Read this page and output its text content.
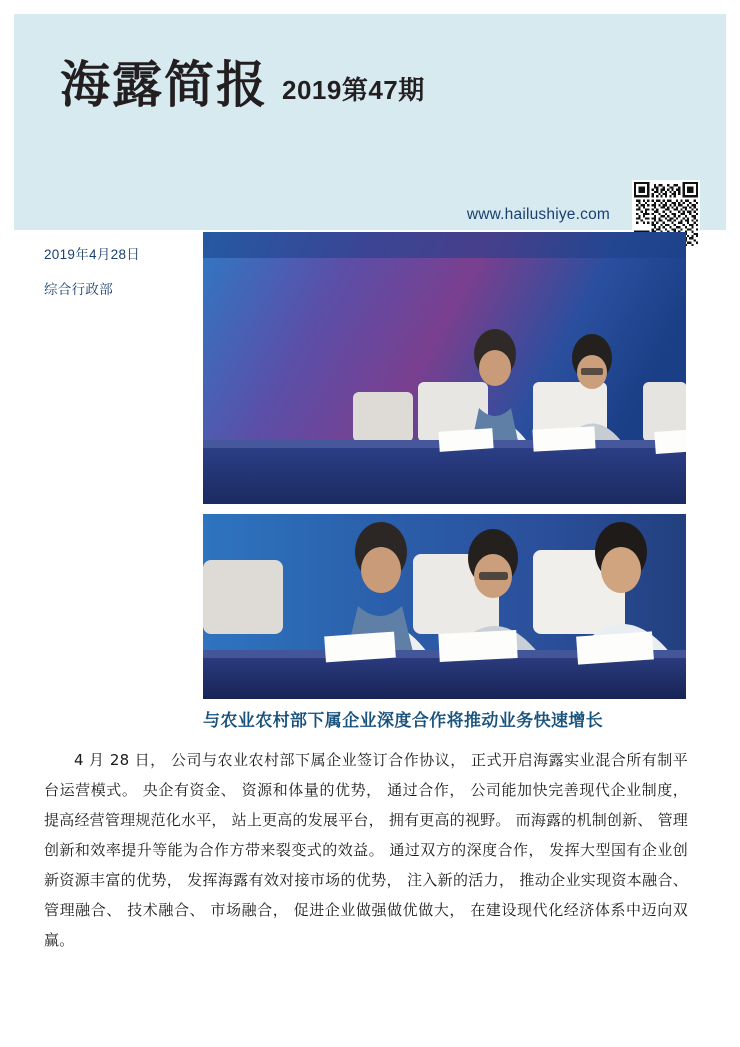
海露简报 2019第47期
www.hailushiye.com
2019年4月28日
综合行政部
与农业农村部下属企业深度合作将推动业务快速增长
4 月 28 日， 公司与农业农村部下属企业签订合作协议， 正式开启海露实业混合所有制平台运营模式。 央企有资金、 资源和体量的优势， 通过合作， 公司能加快完善现代企业制度， 提高经营管理规范化水平， 站上更高的发展平台， 拥有更高的视野。 而海露的机制创新、 管理创新和效率提升等能为合作方带来裂变式的效益。 通过双方的深度合作， 发挥大型国有企业创新资源丰富的优势， 发挥海露有效对接市场的优势， 注入新的活力， 推动企业实现资本融合、 管理融合、 技术融合、 市场融合， 促进企业做强做优做大， 在建设现代化经济体系中迈向双赢。
